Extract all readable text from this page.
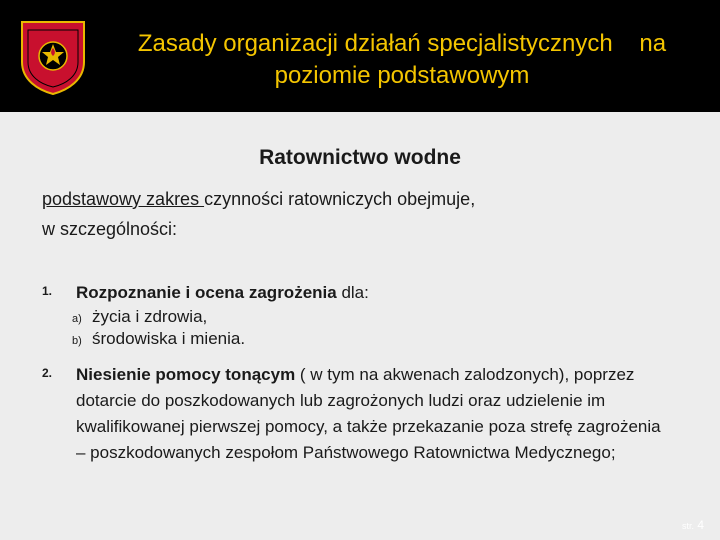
Zasady organizacji działań specjalistycznych    na
poziomie podstawowym
Ratownictwo wodne
podstawowy zakres czynności ratowniczych obejmuje,
w szczególności:
1. Rozpoznanie i ocena zagrożenia dla:
a) życia i zdrowia,
b) środowiska i mienia.
2. Niesienie pomocy tonącym ( w tym na akwenach zalodzonych), poprzez dotarcie do poszkodowanych lub zagrożonych ludzi oraz udzielenie im kwalifikowanej pierwszej pomocy, a także przekazanie poza strefę zagrożenia – poszkodowanych zespołom Państwowego Ratownictwa Medycznego;
str. 4
